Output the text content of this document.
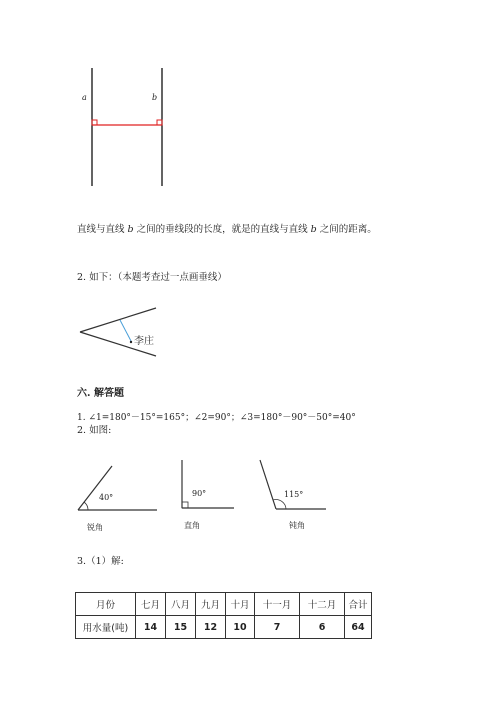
a	b
直线与直线 b 之间的垂线段的长度，就是的直线与直线 b 之间的距离。
2. 如下：（本题考查过一点画垂线）
李庄
六. 解答题
1. ∠1=180°－15°=165°；∠2=90°；∠3=180°－90°－50°=40°
2. 如图:
40°
锐角
90°
直角
115°
钝角
3.（1）解:
月份	七月	八月	九月	十月	十一月	十二月	合计
用水量(吨)	14	15	12	10	7	6	64
